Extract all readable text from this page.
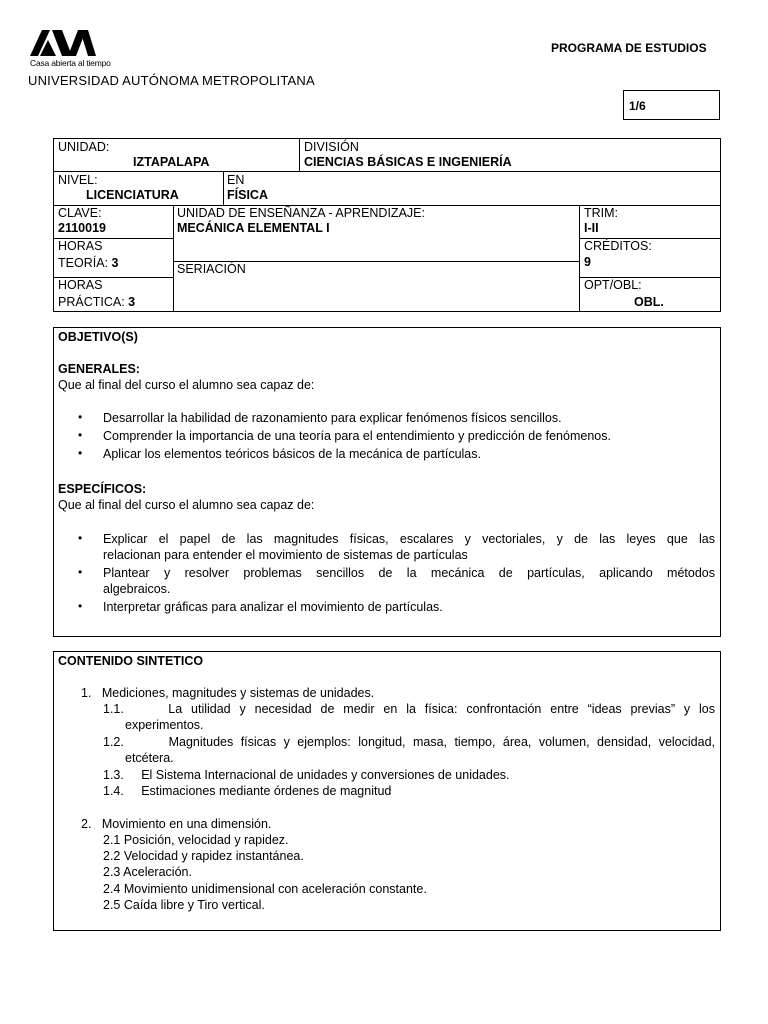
Casa abierta al tiempo
UNIVERSIDAD AUTÓNOMA METROPOLITANA
PROGRAMA DE ESTUDIOS
1/6
UNIDAD:
IZTAPALAPA
DIVISIÓN
CIENCIAS BÁSICAS E INGENIERÍA
NIVEL:
LICENCIATURA
EN
FÍSICA
CLAVE:
2110019
UNIDAD DE ENSEÑANZA - APRENDIZAJE:
MECÁNICA ELEMENTAL I
TRIM:
I-II
HORAS
TEORÍA: 3
CRÉDITOS:
9
SERIACIÓN
HORAS
PRÁCTICA: 3
OPT/OBL:
OBL.
OBJETIVO(S)
GENERALES:
Que al final del curso el alumno sea capaz de:
• Desarrollar la habilidad de razonamiento para explicar fenómenos físicos sencillos.
• Comprender la importancia de una teoría para el entendimiento y predicción de fenómenos.
• Aplicar los elementos teóricos básicos de la mecánica de partículas.
ESPECÍFICOS:
Que al final del curso el alumno sea capaz de:
• Explicar el papel de las magnitudes físicas, escalares y vectoriales, y de las leyes que las
relacionan para entender el movimiento de sistemas de partículas
• Plantear y resolver problemas sencillos de la mecánica de partículas, aplicando métodos
algebraicos.
• Interpretar gráficas para analizar el movimiento de partículas.
CONTENIDO SINTETICO
1.   Mediciones, magnitudes y sistemas de unidades.
1.1.     La utilidad y necesidad de medir en la física: confrontación entre “ideas previas” y los
experimentos.
1.2.      Magnitudes físicas y ejemplos: longitud, masa, tiempo, área, volumen, densidad, velocidad,
etcétera.
1.3.     El Sistema Internacional de unidades y conversiones de unidades.
1.4.     Estimaciones mediante órdenes de magnitud
2.   Movimiento en una dimensión.
2.1 Posición, velocidad y rapidez.
2.2 Velocidad y rapidez instantánea.
2.3 Aceleración.
2.4 Movimiento unidimensional con aceleración constante.
2.5 Caída libre y Tiro vertical.
